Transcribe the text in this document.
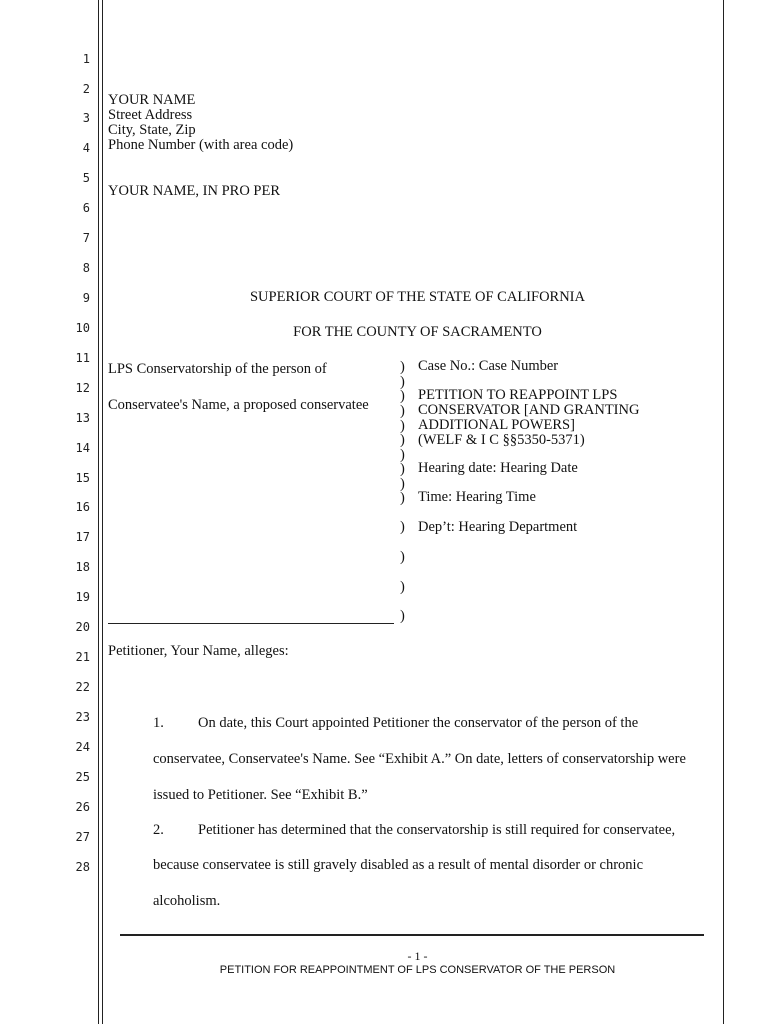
1
2
3
4
5
6
7
8
9
10
11
12
13
14
15
16
17
18
19
20
21
22
23
24
25
26
27
28
YOUR NAME
Street Address
City, State, Zip
Phone Number (with area code)
YOUR NAME, IN PRO PER
SUPERIOR COURT OF THE STATE OF CALIFORNIA
FOR THE COUNTY OF SACRAMENTO
LPS Conservatorship of the person of
Conservatee's Name, a proposed conservatee
)
)
)
)
)
)
)
)
)
)
)
)
)
)
Case No.: Case Number
PETITION TO REAPPOINT LPS
CONSERVATOR [AND GRANTING
ADDITIONAL POWERS]
(WELF & I C §§5350-5371)
Hearing date: Hearing Date
Time: Hearing Time
Dep’t: Hearing Department
Petitioner, Your Name, alleges:
1. On date, this Court appointed Petitioner the conservator of the person of the
conservatee, Conservatee's Name. See “Exhibit A.” On date, letters of conservatorship were
issued to Petitioner. See “Exhibit B.”
2. Petitioner has determined that the conservatorship is still required for conservatee,
because conservatee is still gravely disabled as a result of mental disorder or chronic
alcoholism.
- 1 -
PETITION FOR REAPPOINTMENT OF LPS CONSERVATOR OF THE PERSON
